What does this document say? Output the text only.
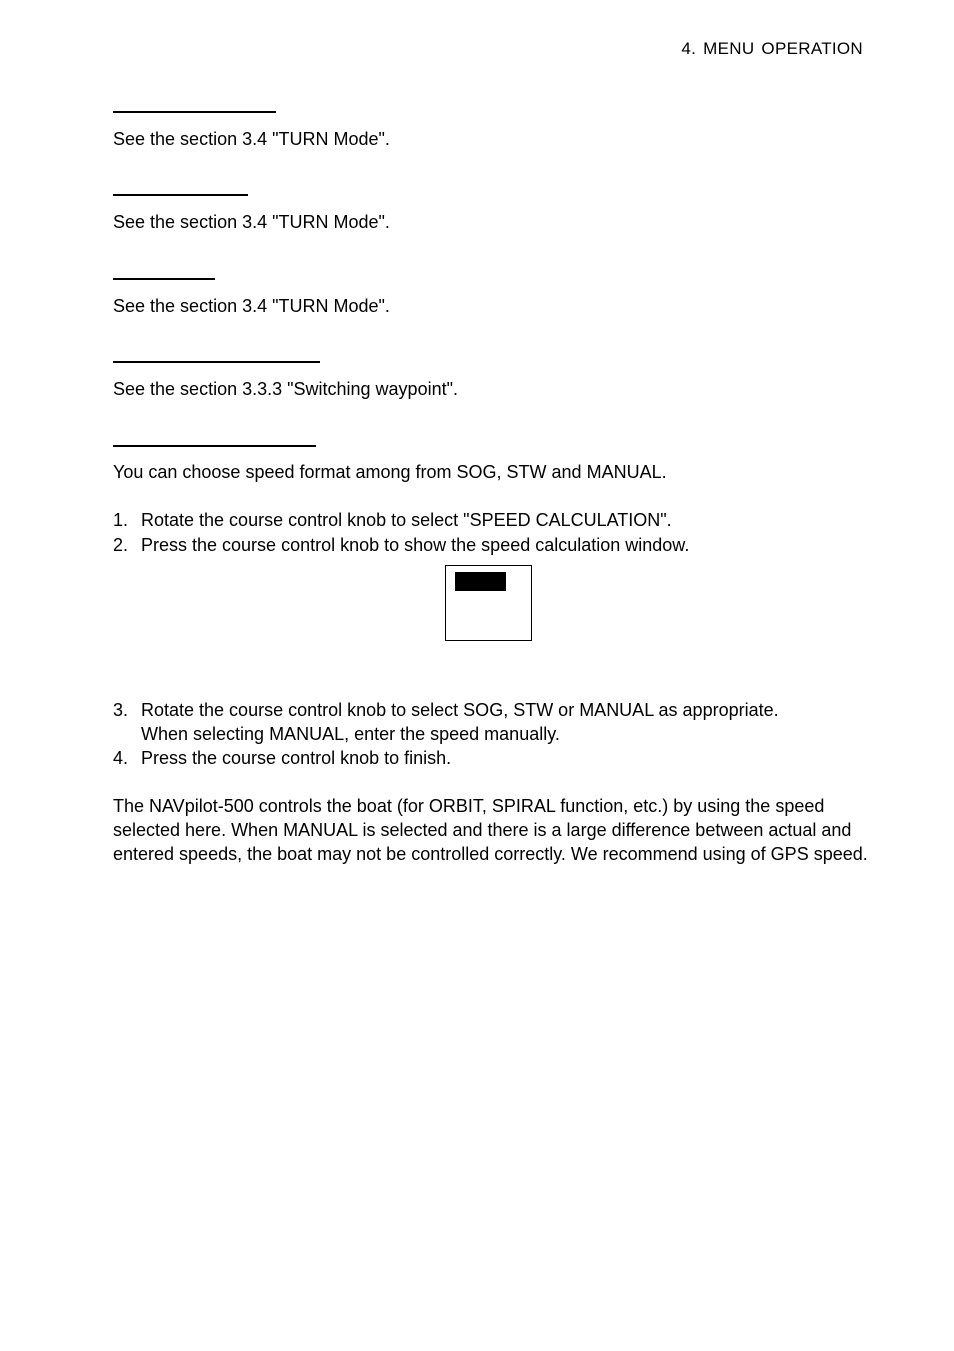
4. MENU OPERATION
See the section 3.4 "TURN Mode".
See the section 3.4 "TURN Mode".
See the section 3.4 "TURN Mode".
See the section 3.3.3 "Switching waypoint".
You can choose speed format among from SOG, STW and MANUAL.
1. Rotate the course control knob to select "SPEED CALCULATION".
2. Press the course control knob to show the speed calculation window.
3. Rotate the course control knob to select SOG, STW or MANUAL as appropriate.
When selecting MANUAL, enter the speed manually.
4. Press the course control knob to finish.
The NAVpilot-500 controls the boat (for ORBIT, SPIRAL function, etc.) by using the speed selected here. When MANUAL is selected and there is a large difference between actual and entered speeds, the boat may not be controlled correctly. We recommend using of GPS speed.
